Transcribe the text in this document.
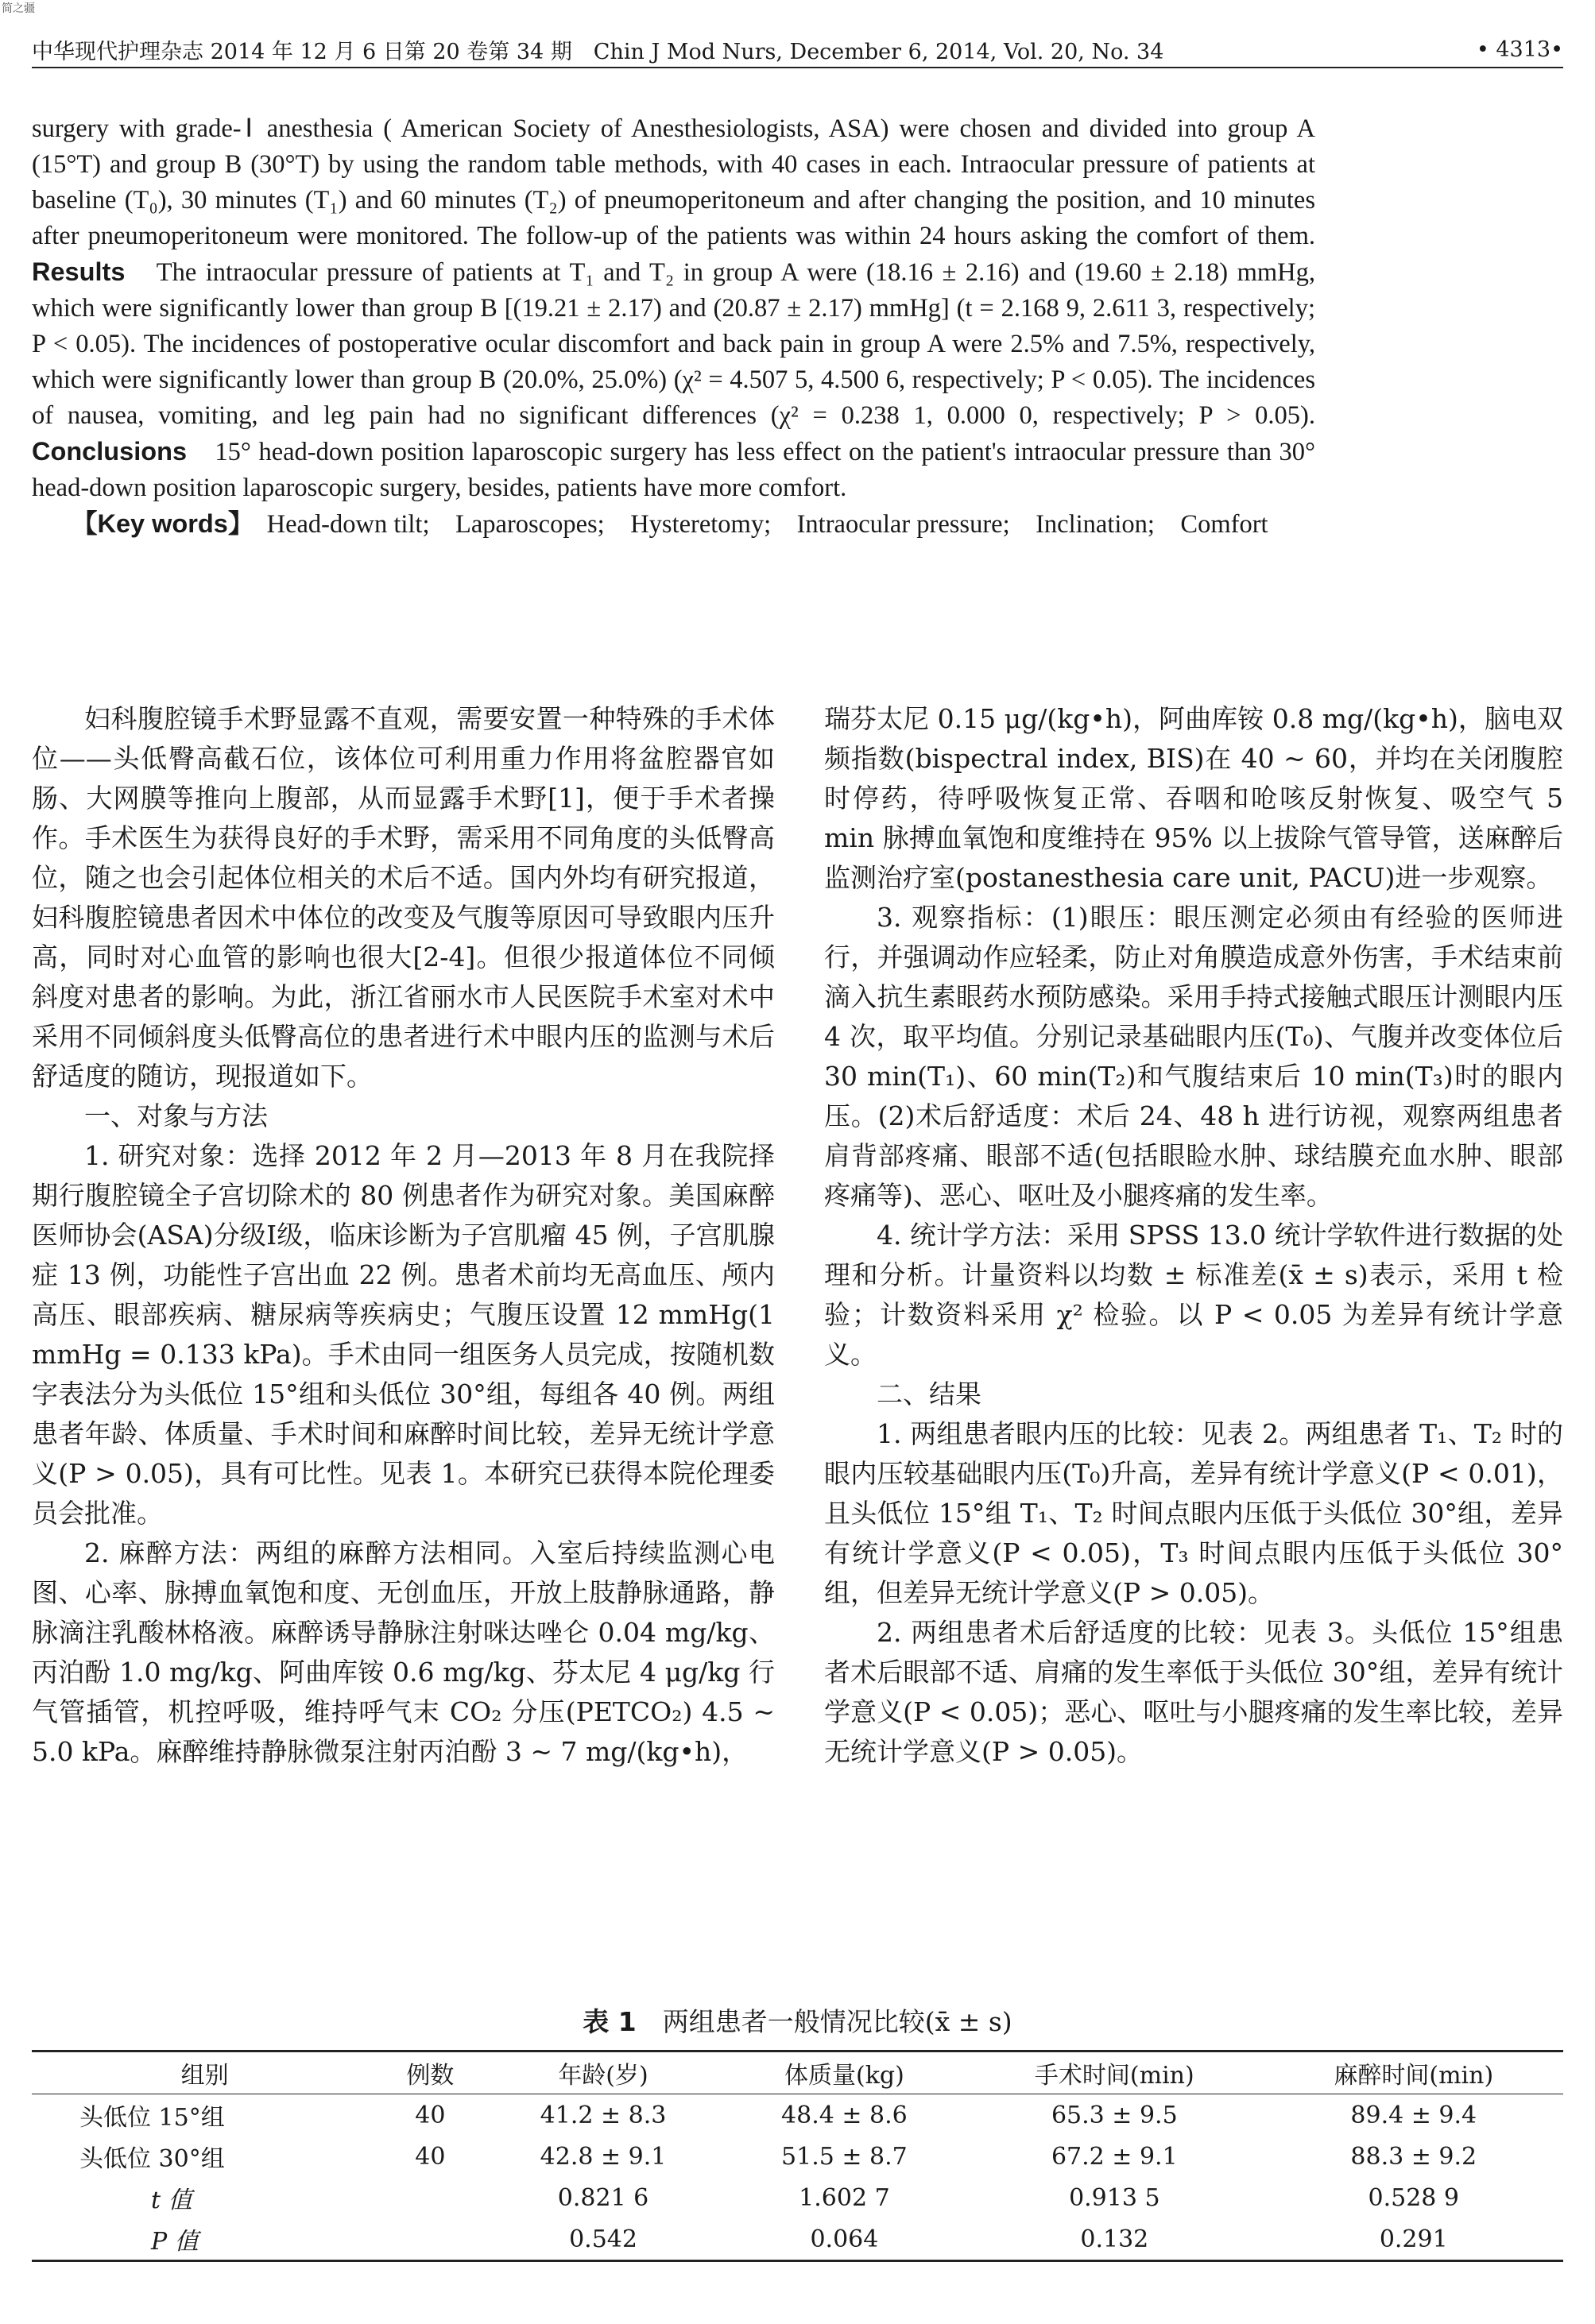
简之疆
中华现代护理杂志 2014 年 12 月 6 日第 20 卷第 34 期　Chin J Mod Nurs, December 6, 2014, Vol. 20, No. 34	• 4313•

surgery with grade-Ⅰ anesthesia ( American Society of Anesthesiologists, ASA) were chosen and divided into group A (15°T) and group B (30°T) by using the random table methods, with 40 cases in each. Intraocular pressure of patients at baseline (T₀), 30 minutes (T₁) and 60 minutes (T₂) of pneumoperitoneum and after changing the position, and 10 minutes after pneumoperitoneum were monitored. The follow-up of the patients was within 24 hours asking the comfort of them. Results　The intraocular pressure of patients at T₁ and T₂ in group A were (18.16 ± 2.16) and (19.60 ± 2.18) mmHg, which were significantly lower than group B [(19.21 ± 2.17) and (20.87 ± 2.17) mmHg] (t = 2.168 9, 2.611 3, respectively; P < 0.05). The incidences of postoperative ocular discomfort and back pain in group A were 2.5% and 7.5%, respectively, which were significantly lower than group B (20.0%, 25.0%) (χ² = 4.507 5, 4.500 6, respectively; P < 0.05). The incidences of nausea, vomiting, and leg pain had no significant differences (χ² = 0.238 1, 0.000 0, respectively; P > 0.05). Conclusions　15° head-down position laparoscopic surgery has less effect on the patient's intraocular pressure than 30° head-down position laparoscopic surgery, besides, patients have more comfort.

【Key words】　Head-down tilt;　Laparoscopes;　Hysteretomy;　Intraocular pressure;　Inclination;　Comfort

妇科腹腔镜手术野显露不直观，需要安置一种特殊的手术体位——头低臀高截石位，该体位可利用重力作用将盆腔器官如肠、大网膜等推向上腹部，从而显露手术野[1]，便于手术者操作。手术医生为获得良好的手术野，需采用不同角度的头低臀高位，随之也会引起体位相关的术后不适。国内外均有研究报道，妇科腹腔镜患者因术中体位的改变及气腹等原因可导致眼内压升高，同时对心血管的影响也很大[2-4]。但很少报道体位不同倾斜度对患者的影响。为此，浙江省丽水市人民医院手术室对术中采用不同倾斜度头低臀高位的患者进行术中眼内压的监测与术后舒适度的随访，现报道如下。

一、对象与方法

1. 研究对象：选择 2012 年 2 月—2013 年 8 月在我院择期行腹腔镜全子宫切除术的 80 例患者作为研究对象。美国麻醉医师协会(ASA)分级Ⅰ级，临床诊断为子宫肌瘤 45 例，子宫肌腺症 13 例，功能性子宫出血 22 例。患者术前均无高血压、颅内高压、眼部疾病、糖尿病等疾病史；气腹压设置 12 mmHg(1 mmHg = 0.133 kPa)。手术由同一组医务人员完成，按随机数字表法分为头低位 15°组和头低位 30°组，每组各 40 例。两组患者年龄、体质量、手术时间和麻醉时间比较，差异无统计学意义(P > 0.05)，具有可比性。见表 1。本研究已获得本院伦理委员会批准。

2. 麻醉方法：两组的麻醉方法相同。入室后持续监测心电图、心率、脉搏血氧饱和度、无创血压，开放上肢静脉通路，静脉滴注乳酸林格液。麻醉诱导静脉注射咪达唑仑 0.04 mg/kg、丙泊酚 1.0 mg/kg、阿曲库铵 0.6 mg/kg、芬太尼 4 μg/kg 行气管插管，机控呼吸，维持呼气末 CO₂ 分压(PETCO₂) 4.5 ~ 5.0 kPa。麻醉维持静脉微泵注射丙泊酚 3 ~ 7 mg/(kg•h)，

瑞芬太尼 0.15 μg/(kg•h)，阿曲库铵 0.8 mg/(kg•h)，脑电双频指数(bispectral index, BIS)在 40 ~ 60，并均在关闭腹腔时停药，待呼吸恢复正常、吞咽和呛咳反射恢复、吸空气 5 min 脉搏血氧饱和度维持在 95% 以上拔除气管导管，送麻醉后监测治疗室(postanesthesia care unit, PACU)进一步观察。

3. 观察指标：(1)眼压：眼压测定必须由有经验的医师进行，并强调动作应轻柔，防止对角膜造成意外伤害，手术结束前滴入抗生素眼药水预防感染。采用手持式接触式眼压计测眼内压 4 次，取平均值。分别记录基础眼内压(T₀)、气腹并改变体位后 30 min(T₁)、60 min(T₂)和气腹结束后 10 min(T₃)时的眼内压。(2)术后舒适度：术后 24、48 h 进行访视，观察两组患者肩背部疼痛、眼部不适(包括眼睑水肿、球结膜充血水肿、眼部疼痛等)、恶心、呕吐及小腿疼痛的发生率。

4. 统计学方法：采用 SPSS 13.0 统计学软件进行数据的处理和分析。计量资料以均数 ± 标准差(x̄ ± s)表示，采用 t 检验；计数资料采用 χ² 检验。以 P < 0.05 为差异有统计学意义。

二、结果

1. 两组患者眼内压的比较：见表 2。两组患者 T₁、T₂ 时的眼内压较基础眼内压(T₀)升高，差异有统计学意义(P < 0.01)，且头低位 15°组 T₁、T₂ 时间点眼内压低于头低位 30°组，差异有统计学意义(P < 0.05)，T₃ 时间点眼内压低于头低位 30°组，但差异无统计学意义(P > 0.05)。

2. 两组患者术后舒适度的比较：见表 3。头低位 15°组患者术后眼部不适、肩痛的发生率低于头低位 30°组，差异有统计学意义(P < 0.05)；恶心、呕吐与小腿疼痛的发生率比较，差异无统计学意义(P > 0.05)。

表 1　两组患者一般情况比较(x̄ ± s)
组别	例数	年龄(岁)	体质量(kg)	手术时间(min)	麻醉时间(min)
头低位 15°组	40	41.2 ± 8.3	48.4 ± 8.6	65.3 ± 9.5	89.4 ± 9.4
头低位 30°组	40	42.8 ± 9.1	51.5 ± 8.7	67.2 ± 9.1	88.3 ± 9.2
t 值		0.821 6	1.602 7	0.913 5	0.528 9
P 值		0.542	0.064	0.132	0.291
